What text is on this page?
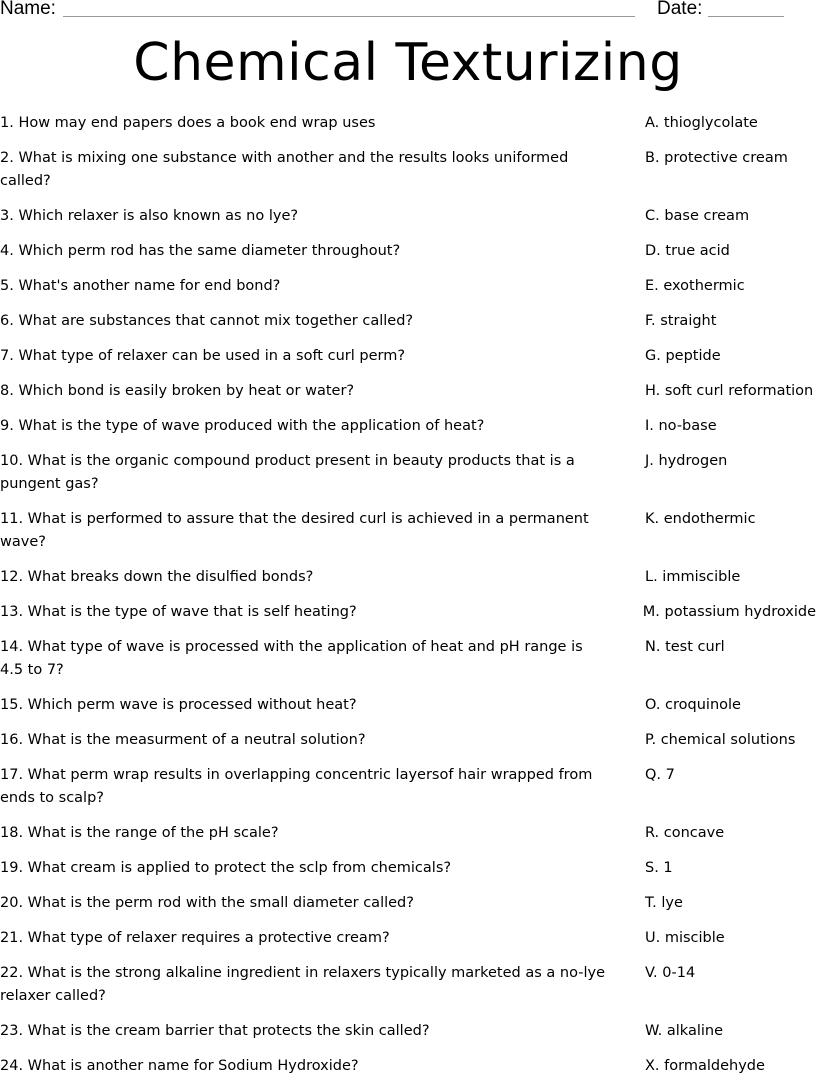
Name:	Date:
Chemical Texturizing
1. How may end papers does a book end wrap uses	A. thioglycolate
2. What is mixing one substance with another and the results looks uniformed called?
B. protective cream
3. Which relaxer is also known as no lye?	C. base cream
4. Which perm rod has the same diameter throughout?	D. true acid
5. What's another name for end bond?	E. exothermic
6. What are substances that cannot mix together called?	F. straight
7. What type of relaxer can be used in a soft curl perm?	G. peptide
8. Which bond is easily broken by heat or water?	H. soft curl reformation
9. What is the type of wave produced with the application of heat?	I. no-base
10. What is the organic compound product present in beauty products that is a pungent gas?
J. hydrogen
11. What is performed to assure that the desired curl is achieved in a permanent wave?
K. endothermic
12. What breaks down the disulfied bonds?	L. immiscible
13. What is the type of wave that is self heating?	M. potassium hydroxide
14. What type of wave is processed with the application of heat and pH range is 4.5 to 7?
N. test curl
15. Which perm wave is processed without heat?	O. croquinole
16. What is the measurment of a neutral solution?	P. chemical solutions
17. What perm wrap results in overlapping concentric layersof hair wrapped from ends to scalp?
Q. 7
18. What is the range of the pH scale?	R. concave
19. What cream is applied to protect the sclp from chemicals?	S. 1
20. What is the perm rod with the small diameter called?	T. lye
21. What type of relaxer requires a protective cream?	U. miscible
22. What is the strong alkaline ingredient in relaxers typically marketed as a no-lye relaxer called?
V. 0-14
23. What is the cream barrier that protects the skin called?	W. alkaline
24. What is another name for Sodium Hydroxide?	X. formaldehyde
